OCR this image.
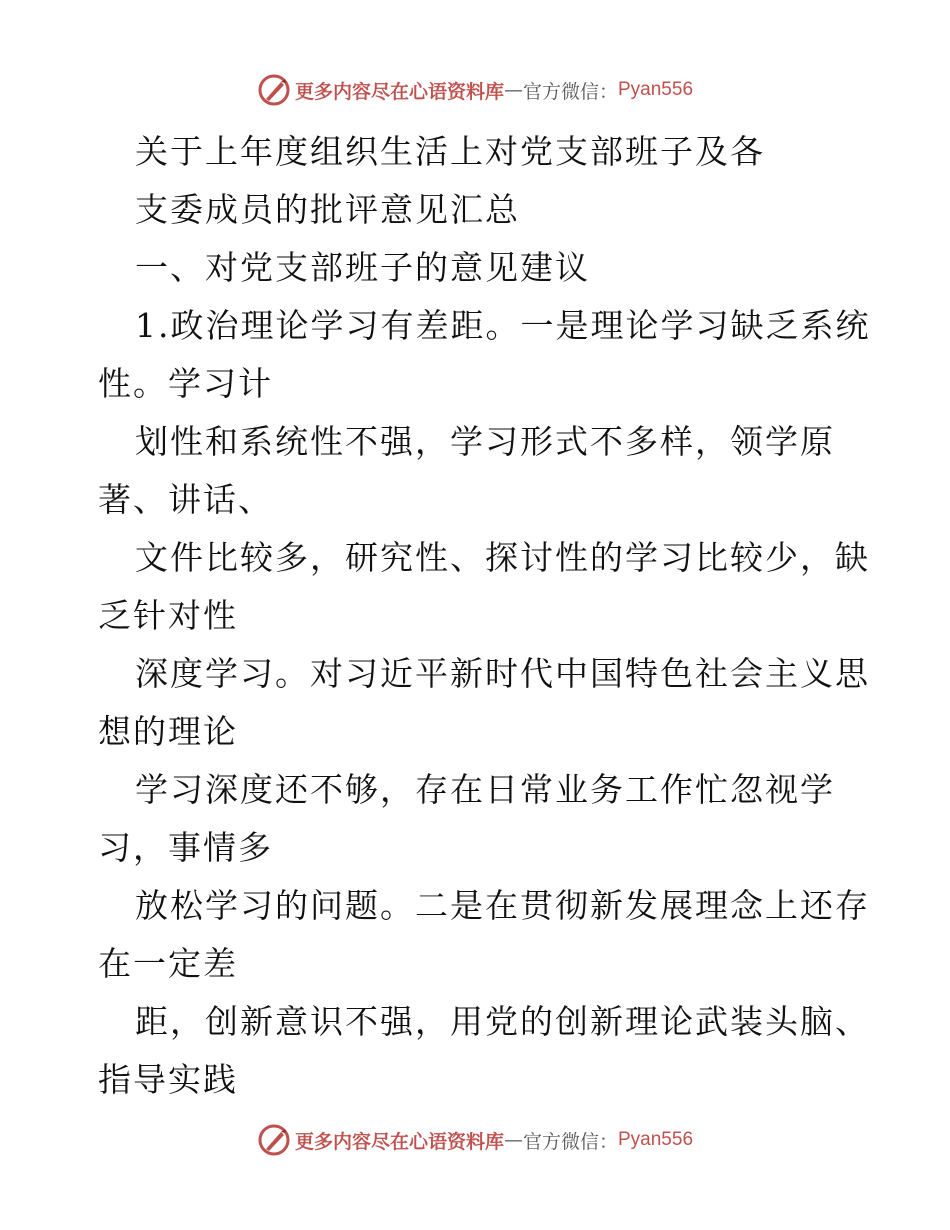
更多内容尽在心语资料库 — 官方微信： Pyan556
关于上年度组织生活上对党支部班子及各
支委成员的批评意见汇总
一、对党支部班子的意见建议
1.政治理论学习有差距。一是理论学习缺乏系统
性。学习计
划性和系统性不强，学习形式不多样，领学原
著、讲话、
文件比较多，研究性、探讨性的学习比较少，缺
乏针对性
深度学习。对习近平新时代中国特色社会主义思
想的理论
学习深度还不够，存在日常业务工作忙忽视学
习，事情多
放松学习的问题。二是在贯彻新发展理念上还存
在一定差
距，创新意识不强，用党的创新理论武装头脑、
指导实践
更多内容尽在心语资料库 — 官方微信： Pyan556
